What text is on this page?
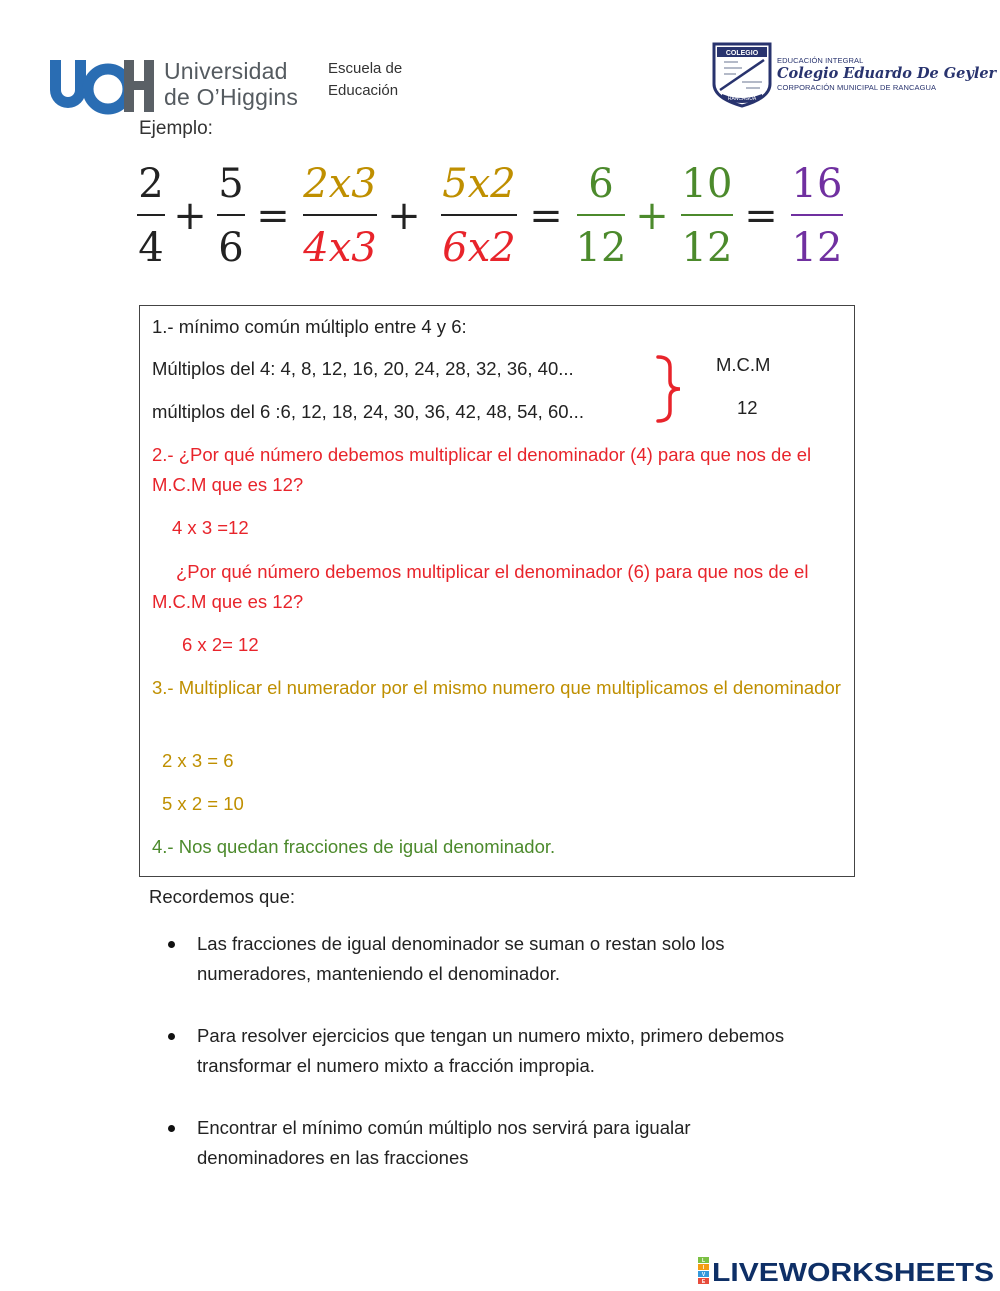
Universidad
de O’Higgins
Escuela de
Educación
COLEGIO
RANCAGUA
EDUCACIÓN INTEGRAL
Colegio Eduardo De Geyler
CORPORACIÓN MUNICIPAL DE RANCAGUA
Ejemplo:
2
4
+
5
6
=
2x3
4x3
+
5x2
6x2
=
6
12
+
10
12
=
16
12
1.- mínimo común múltiplo entre 4 y 6:
Múltiplos del 4: 4, 8, 12, 16, 20, 24, 28, 32, 36, 40...
múltiplos del 6 :6, 12, 18, 24, 30, 36, 42, 48, 54, 60...
M.C.M
12
2.- ¿Por qué número debemos multiplicar el denominador (4) para que nos de el M.C.M que es 12?
4 x 3 =12
¿Por qué número debemos multiplicar el denominador (6) para que nos de el M.C.M que es 12?
6 x 2= 12
3.- Multiplicar el numerador por el mismo numero que multiplicamos el denominador
2 x 3 = 6
5 x 2 = 10
4.- Nos quedan fracciones de igual denominador.
Recordemos que:
Las fracciones de igual denominador se suman o restan solo los numeradores, manteniendo el denominador.
Para resolver ejercicios que tengan un numero mixto, primero debemos transformar el numero mixto a fracción impropia.
Encontrar el mínimo común múltiplo nos servirá para igualar denominadores en las fracciones
L
I
V
E LIVEWORKSHEETS
